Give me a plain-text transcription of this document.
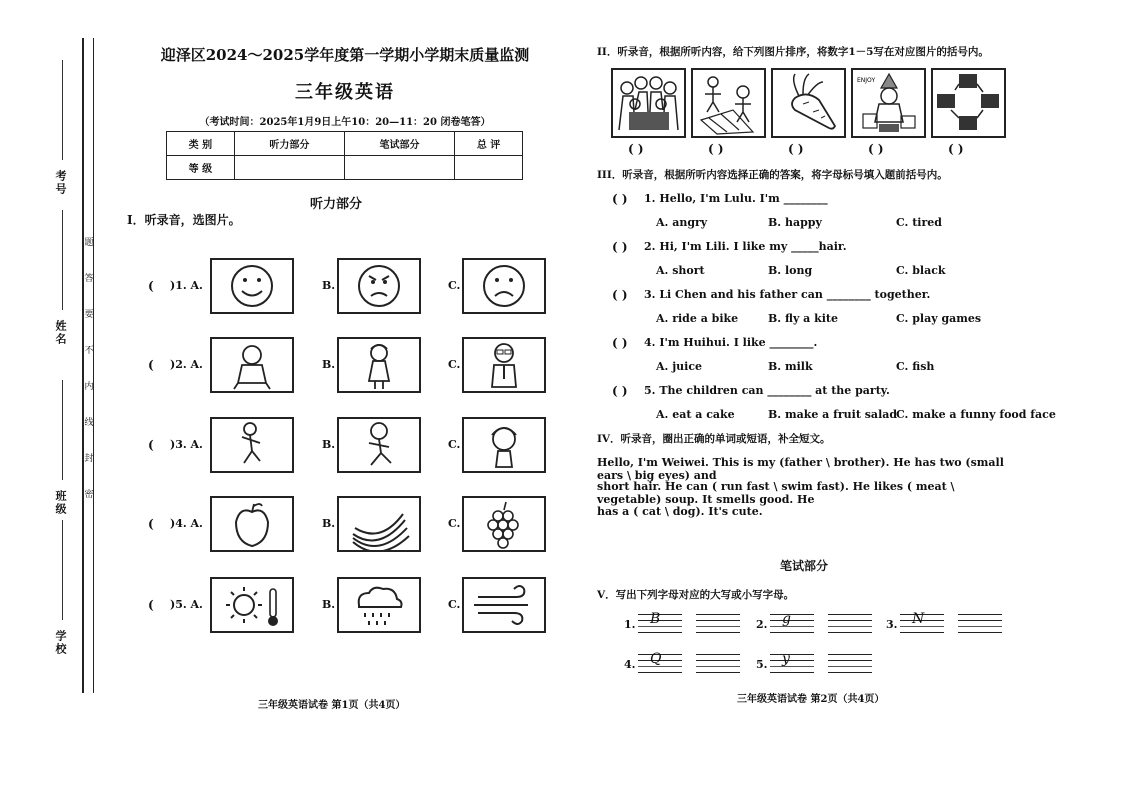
学校
班级
姓名
考号
题
答
要
不
内
线
封
密
迎泽区2024～2025学年度第一学期小学期末质量监测
三年级英语
（考试时间：2025年1月9日上午10：20—11：20 闭卷笔答）
类 别	听力部分	笔试部分	总 评
等 级			
听力部分
I．听录音，选图片。
( )1. A.	B.	C.
( )2. A.	B.	C.
( )3. A.	B.	C.
( )4. A.	B.	C.
( )5. A.	B.	C.
三年级英语试卷 第1页（共4页）
II．听录音，根据所听内容，给下列图片排序，将数字1－5写在对应图片的括号内。
ENJOY
( )	( )	( )	( )	( )
III．听录音，根据所听内容选择正确的答案，将字母标号填入题前括号内。
( ) 1. Hello, I'm Lulu. I'm ________
A. angry	B. happy	C. tired
( ) 2. Hi, I'm Lili. I like my _____hair.
A. short	B. long	C. black
( ) 3. Li Chen and his father can ________ together.
A. ride a bike	B. fly a kite	C. play games
( ) 4. I'm Huihui. I like ________.
A. juice	B. milk	C. fish
( ) 5. The children can ________ at the party.
A. eat a cake	B. make a fruit salad
C. make a funny food face
IV．听录音，圈出正确的单词或短语，补全短文。
Hello, I'm Weiwei. This is my (father \ brother). He has two (small ears \ big eyes) and
short hair. He can ( run fast \ swim fast). He likes ( meat \ vegetable) soup. It smells good. He
has a ( cat \ dog). It's cute.
笔试部分
V．写出下列字母对应的大写或小写字母。
1. B	2. g	3. N
4. Q	5. y
三年级英语试卷 第2页（共4页）
